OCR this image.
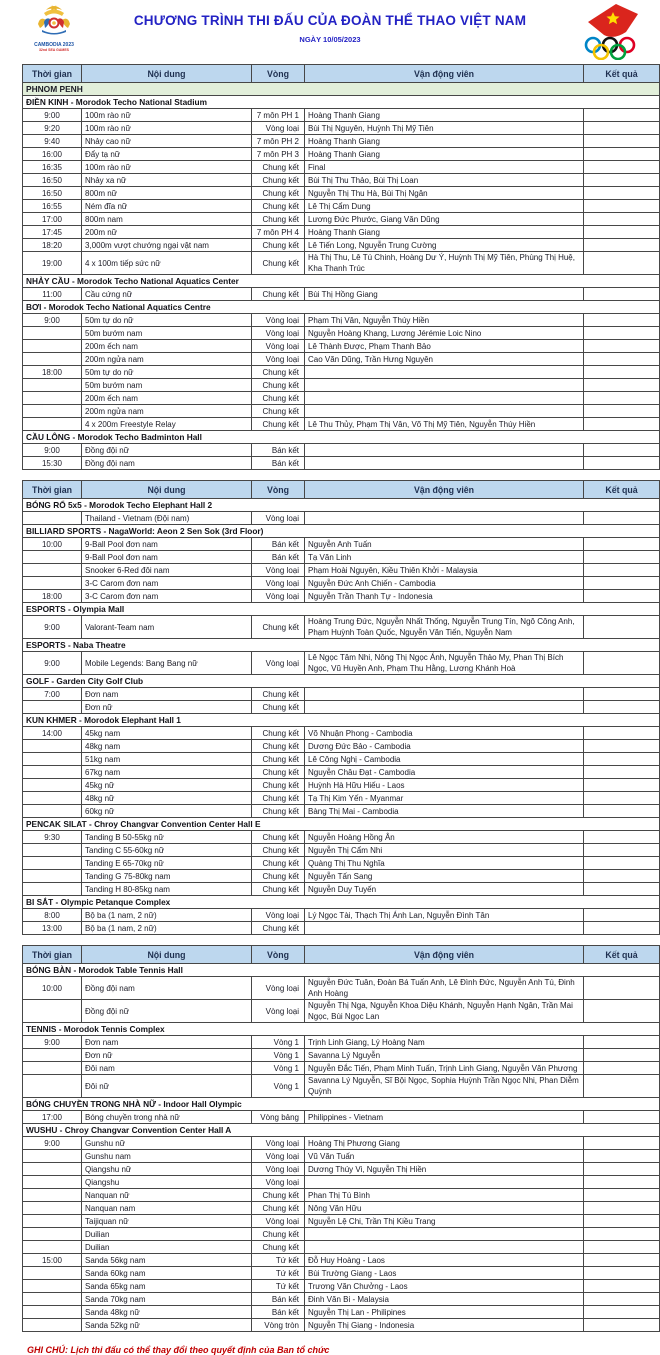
CAMBODIA 2023
32nd SEA GAMES
CHƯƠNG TRÌNH THI ĐẤU CỦA ĐOÀN THỂ THAO VIỆT NAM
NGÀY 10/05/2023
Thời gian	Nội dung	Vòng	Vận động viên	Kết quả
PHNOM PENH				
ĐIỀN KINH - Morodok Techo National Stadium				
9:00	100m rào nữ	7 môn PH 1	Hoàng Thanh Giang	
9:20	100m rào nữ	Vòng loại	Bùi Thị Nguyên, Huỳnh Thị Mỹ Tiên	
9:40	Nhảy cao nữ	7 môn PH 2	Hoàng Thanh Giang	
16:00	Đẩy tạ nữ	7 môn PH 3	Hoàng Thanh Giang	
16:35	100m rào nữ	Chung kết	Final	
16:50	Nhảy xa nữ	Chung kết	Bùi Thị Thu Thảo, Bùi Thị Loan	
16:50	800m nữ	Chung kết	Nguyễn Thị Thu Hà, Bùi Thị Ngân	
16:55	Ném đĩa nữ	Chung kết	Lê Thị Cẩm Dung	
17:00	800m nam	Chung kết	Lương Đức Phước, Giang Văn Dũng	
17:45	200m nữ	7 môn PH 4	Hoàng Thanh Giang	
18:20	3,000m vượt chướng ngại vật nam	Chung kết	Lê Tiến Long, Nguyễn Trung Cường	
19:00	4 x 100m tiếp sức nữ	Chung kết	Hà Thị Thu, Lê Tú Chinh, Hoàng Dư Ý, Huỳnh Thị Mỹ Tiên, Phùng Thị Huệ, Kha Thanh Trúc	
NHẢY CẦU - Morodok Techo National Aquatics Center				
11:00	Cầu cứng nữ	Chung kết	Bùi Thị Hồng Giang	
BƠI - Morodok Techo National Aquatics Centre				
9:00	50m tự do nữ	Vòng loại	Phạm Thị Vân, Nguyễn Thúy Hiền	
	50m bướm nam	Vòng loại	Nguyễn Hoàng Khang, Lương Jérémie Loic Nino	
	200m ếch nam	Vòng loại	Lê Thành Được, Phạm Thanh Bảo	
	200m ngửa nam	Vòng loại	Cao Văn Dũng, Trần Hưng Nguyên	
18:00	50m tự do nữ	Chung kết		
	50m bướm nam	Chung kết		
	200m ếch nam	Chung kết		
	200m ngửa nam	Chung kết		
	4 x 200m Freestyle Relay	Chung kết	Lê Thu Thủy, Phạm Thị Vân, Võ Thị Mỹ Tiên, Nguyễn Thúy Hiền	
CẦU LÔNG - Morodok Techo Badminton Hall				
9:00	Đồng đội nữ	Bán kết		
15:30	Đồng đội nam	Bán kết		
Thời gian	Nội dung	Vòng	Vận động viên	Kết quả
BÓNG RỔ 5x5 - Morodok Techo Elephant Hall 2				
	Thailand - Vietnam (Đội nam)	Vòng loại		
BILLIARD SPORTS - NagaWorld: Aeon 2 Sen Sok (3rd Floor)				
10:00	9-Ball Pool đơn nam	Bán kết	Nguyễn Anh Tuấn	
	9-Ball Pool đơn nam	Bán kết	Tạ Văn Linh	
	Snooker 6-Red đôi nam	Vòng loại	Phạm Hoài Nguyên, Kiều Thiên Khởi - Malaysia	
	3-C Carom đơn nam	Vòng loại	Nguyễn Đức Anh Chiến - Cambodia	
18:00	3-C Carom đơn nam	Vòng loại	Nguyễn Trần Thanh Tự - Indonesia	
ESPORTS - Olympia Mall				
9:00	Valorant-Team nam	Chung kết	Hoàng Trung Đức, Nguyễn Nhất Thống, Nguyễn Trung Tín, Ngô Công Anh, Phạm Huỳnh Toàn Quốc, Nguyễn Văn Tiến, Nguyễn Nam	
ESPORTS - Naba Theatre				
9:00	Mobile Legends: Bang Bang nữ	Vòng loại	Lê Ngọc Tâm Nhi, Nông Thị Ngọc Ánh, Nguyễn Thảo My, Phan Thị Bích Ngọc, Vũ Huyền Anh, Phạm Thu Hằng, Lương Khánh Hoà	
GOLF - Garden City Golf Club				
7:00	Đơn nam	Chung kết		
	Đơn nữ	Chung kết		
KUN KHMER - Morodok Elephant Hall 1				
14:00	45kg nam	Chung kết	Võ Nhuận Phong - Cambodia	
	48kg nam	Chung kết	Dương Đức Bảo - Cambodia	
	51kg nam	Chung kết	Lê Công Nghị - Cambodia	
	67kg nam	Chung kết	Nguyễn Châu Đạt - Cambodia	
	45kg nữ	Chung kết	Huỳnh Hà Hữu Hiếu - Laos	
	48kg nữ	Chung kết	Tạ Thị Kim Yến - Myanmar	
	60kg nữ	Chung kết	Bàng Thị Mai - Cambodia	
PENCAK SILAT - Chroy Changvar Convention Center Hall E				
9:30	Tanding B 50-55kg nữ	Chung kết	Nguyễn Hoàng Hồng Ân	
	Tanding C 55-60kg nữ	Chung kết	Nguyễn Thị Cẩm Nhi	
	Tanding E 65-70kg nữ	Chung kết	Quàng Thị Thu Nghĩa	
	Tanding G 75-80kg nam	Chung kết	Nguyễn Tấn Sang	
	Tanding H 80-85kg nam	Chung kết	Nguyễn Duy Tuyến	
BI SẮT - Olympic Petanque Complex				
8:00	Bộ ba (1 nam, 2 nữ)	Vòng loại	Lý Ngọc Tài, Thạch Thị Ánh Lan, Nguyễn Đình Tân	
13:00	Bộ ba (1 nam, 2 nữ)	Chung kết		
Thời gian	Nội dung	Vòng	Vận động viên	Kết quả
BÓNG BÀN - Morodok Table Tennis Hall				
10:00	Đồng đội nam	Vòng loại	Nguyễn Đức Tuân, Đoàn Bá Tuấn Anh, Lê Đình Đức, Nguyễn Anh Tú, Đinh Anh Hoàng	
	Đồng đội nữ	Vòng loại	Nguyễn Thị Nga, Nguyễn Khoa Diệu Khánh, Nguyễn Hạnh Ngân, Trần Mai Ngọc, Bùi Ngọc Lan	
TENNIS - Morodok Tennis Complex				
9:00	Đơn nam	Vòng 1	Trịnh Linh Giang, Lý Hoàng Nam	
	Đơn nữ	Vòng 1	Savanna Lý Nguyễn	
	Đôi nam	Vòng 1	Nguyễn Đắc Tiến, Phạm Minh Tuấn, Trịnh Linh Giang, Nguyễn Văn Phương	
	Đôi nữ	Vòng 1	Savanna Lý Nguyễn, Sĩ Bội Ngọc, Sophia Huỳnh Trần Ngọc Nhi, Phan Diễm Quỳnh	
BÓNG CHUYỀN TRONG NHÀ NỮ - Indoor Hall Olympic				
17:00	Bóng chuyền trong nhà nữ	Vòng bảng	Philippines - Vietnam	
WUSHU - Chroy Changvar Convention Center Hall A				
9:00	Gunshu nữ	Vòng loại	Hoàng Thị Phương Giang	
	Gunshu nam	Vòng loại	Vũ Văn Tuấn	
	Qiangshu nữ	Vòng loại	Dương Thúy Vi, Nguyễn Thị Hiền	
	Qiangshu	Vòng loại		
	Nanquan nữ	Chung kết	Phan Thị Tú Bình	
	Nanquan nam	Chung kết	Nông Văn Hữu	
	Taijiquan nữ	Vòng loại	Nguyễn Lệ Chi, Trần Thị Kiều Trang	
	Duilian	Chung kết		
	Duilian	Chung kết		
15:00	Sanda 56kg nam	Tứ kết	Đỗ Huy Hoàng - Laos	
	Sanda 60kg nam	Tứ kết	Bùi Trường Giang - Laos	
	Sanda 65kg nam	Tứ kết	Trương Văn Chưởng - Laos	
	Sanda 70kg nam	Bán kết	Đinh Văn Bi - Malaysia	
	Sanda 48kg nữ	Bán kết	Nguyễn Thị Lan - Philipines	
	Sanda 52kg nữ	Vòng tròn	Nguyễn Thị Giang - Indonesia	
GHI CHÚ: Lịch thi đấu có thể thay đổi theo quyết định của Ban tổ chức
